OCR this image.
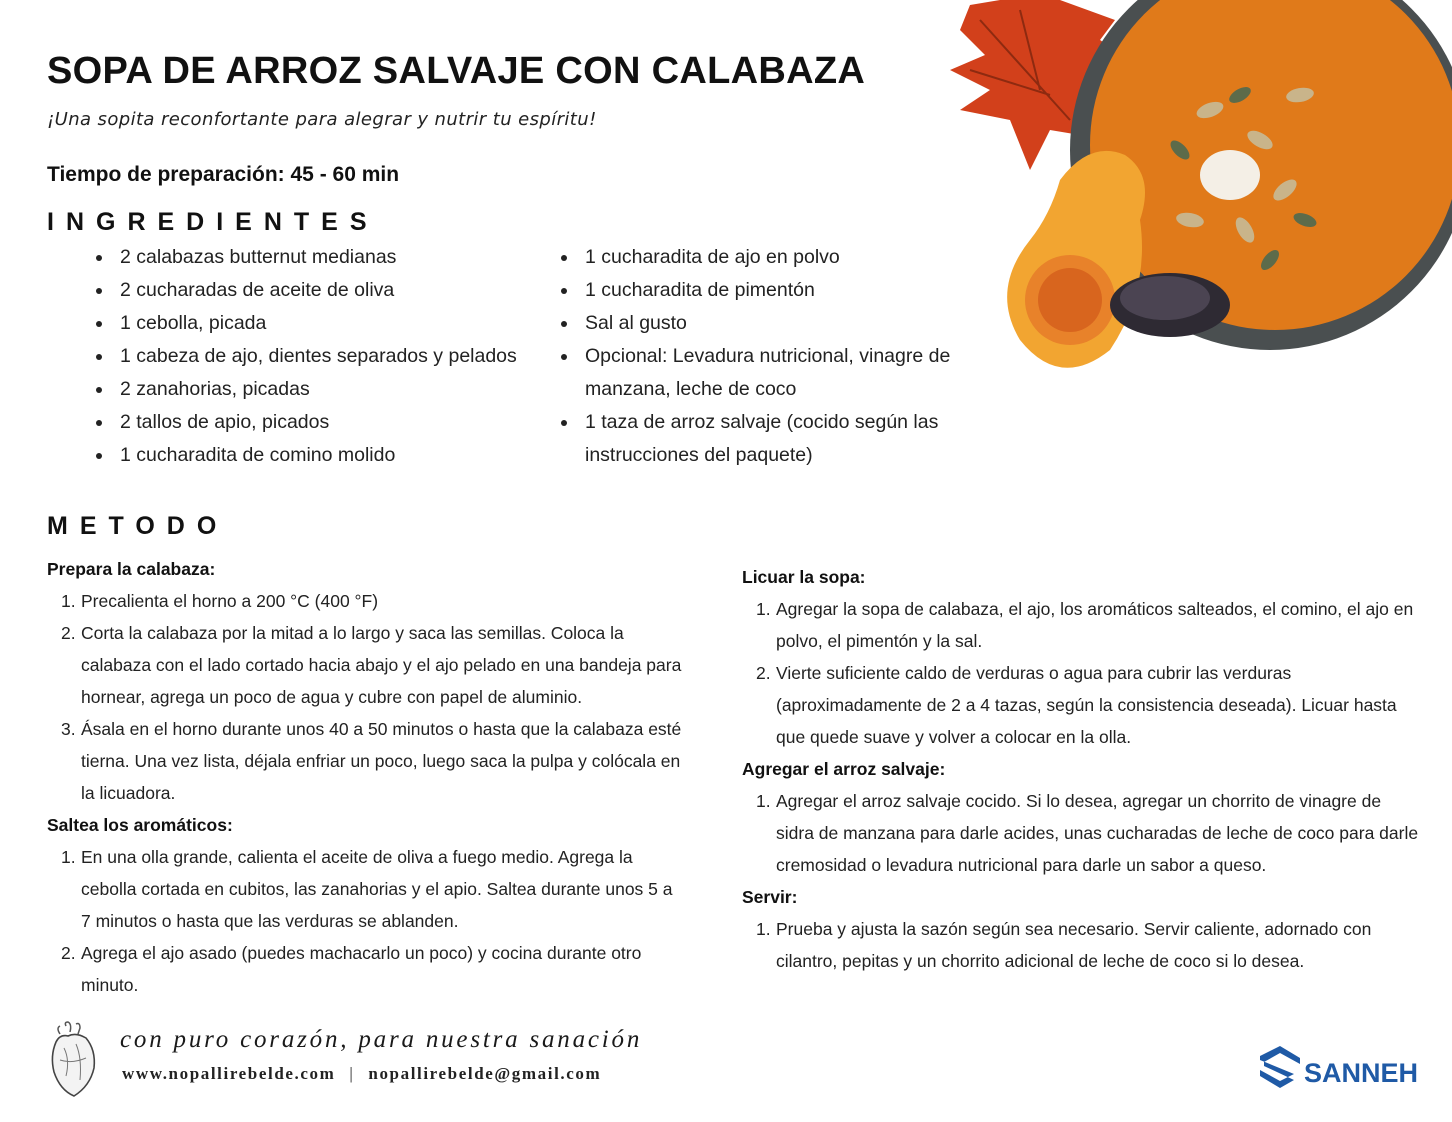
SOPA DE ARROZ SALVAJE CON CALABAZA

¡Una sopita reconfortante para alegrar y nutrir tu espíritu!

Tiempo de preparación: 45 - 60 min

INGREDIENTES
2 calabazas butternut medianas
2 cucharadas de aceite de oliva
1 cebolla, picada
1 cabeza de ajo, dientes separados y pelados
2 zanahorias, picadas
2 tallos de apio, picados
1 cucharadita de comino molido
1 cucharadita de ajo en polvo
1 cucharadita de pimentón
Sal al gusto
Opcional: Levadura nutricional, vinagre de manzana, leche de coco
1 taza de arroz salvaje (cocido según las instrucciones del paquete)
METODO
Prepara la calabaza:
1. Precalienta el horno a 200 °C (400 °F)
2. Corta la calabaza por la mitad a lo largo y saca las semillas. Coloca la calabaza con el lado cortado hacia abajo y el ajo pelado en una bandeja para hornear, agrega un poco de agua y cubre con papel de aluminio.
3. Ásala en el horno durante unos 40 a 50 minutos o hasta que la calabaza esté tierna. Una vez lista, déjala enfriar un poco, luego saca la pulpa y colócala en la licuadora.
Saltea los aromáticos:
1. En una olla grande, calienta el aceite de oliva a fuego medio. Agrega la cebolla cortada en cubitos, las zanahorias y el apio. Saltea durante unos 5 a 7 minutos o hasta que las verduras se ablanden.
2. Agrega el ajo asado (puedes machacarlo un poco) y cocina durante otro minuto.
Licuar la sopa:
1. Agregar la sopa de calabaza, el ajo, los aromáticos salteados, el comino, el ajo en polvo, el pimentón y la sal.
2. Vierte suficiente caldo de verduras o agua para cubrir las verduras (aproximadamente de 2 a 4 tazas, según la consistencia deseada). Licuar hasta que quede suave y volver a colocar en la olla.
Agregar el arroz salvaje:
1. Agregar el arroz salvaje cocido. Si lo desea, agregar un chorrito de vinagre de sidra de manzana para darle acides, unas cucharadas de leche de coco para darle cremosidad o levadura nutricional para darle un sabor a queso.
Servir:
1. Prueba y ajusta la sazón según sea necesario. Servir caliente, adornado con cilantro, pepitas y un chorrito adicional de leche de coco si lo desea.

con puro corazón, para nuestra sanación

www.nopallirebelde.com | nopallirebelde@gmail.com	SANNEH
